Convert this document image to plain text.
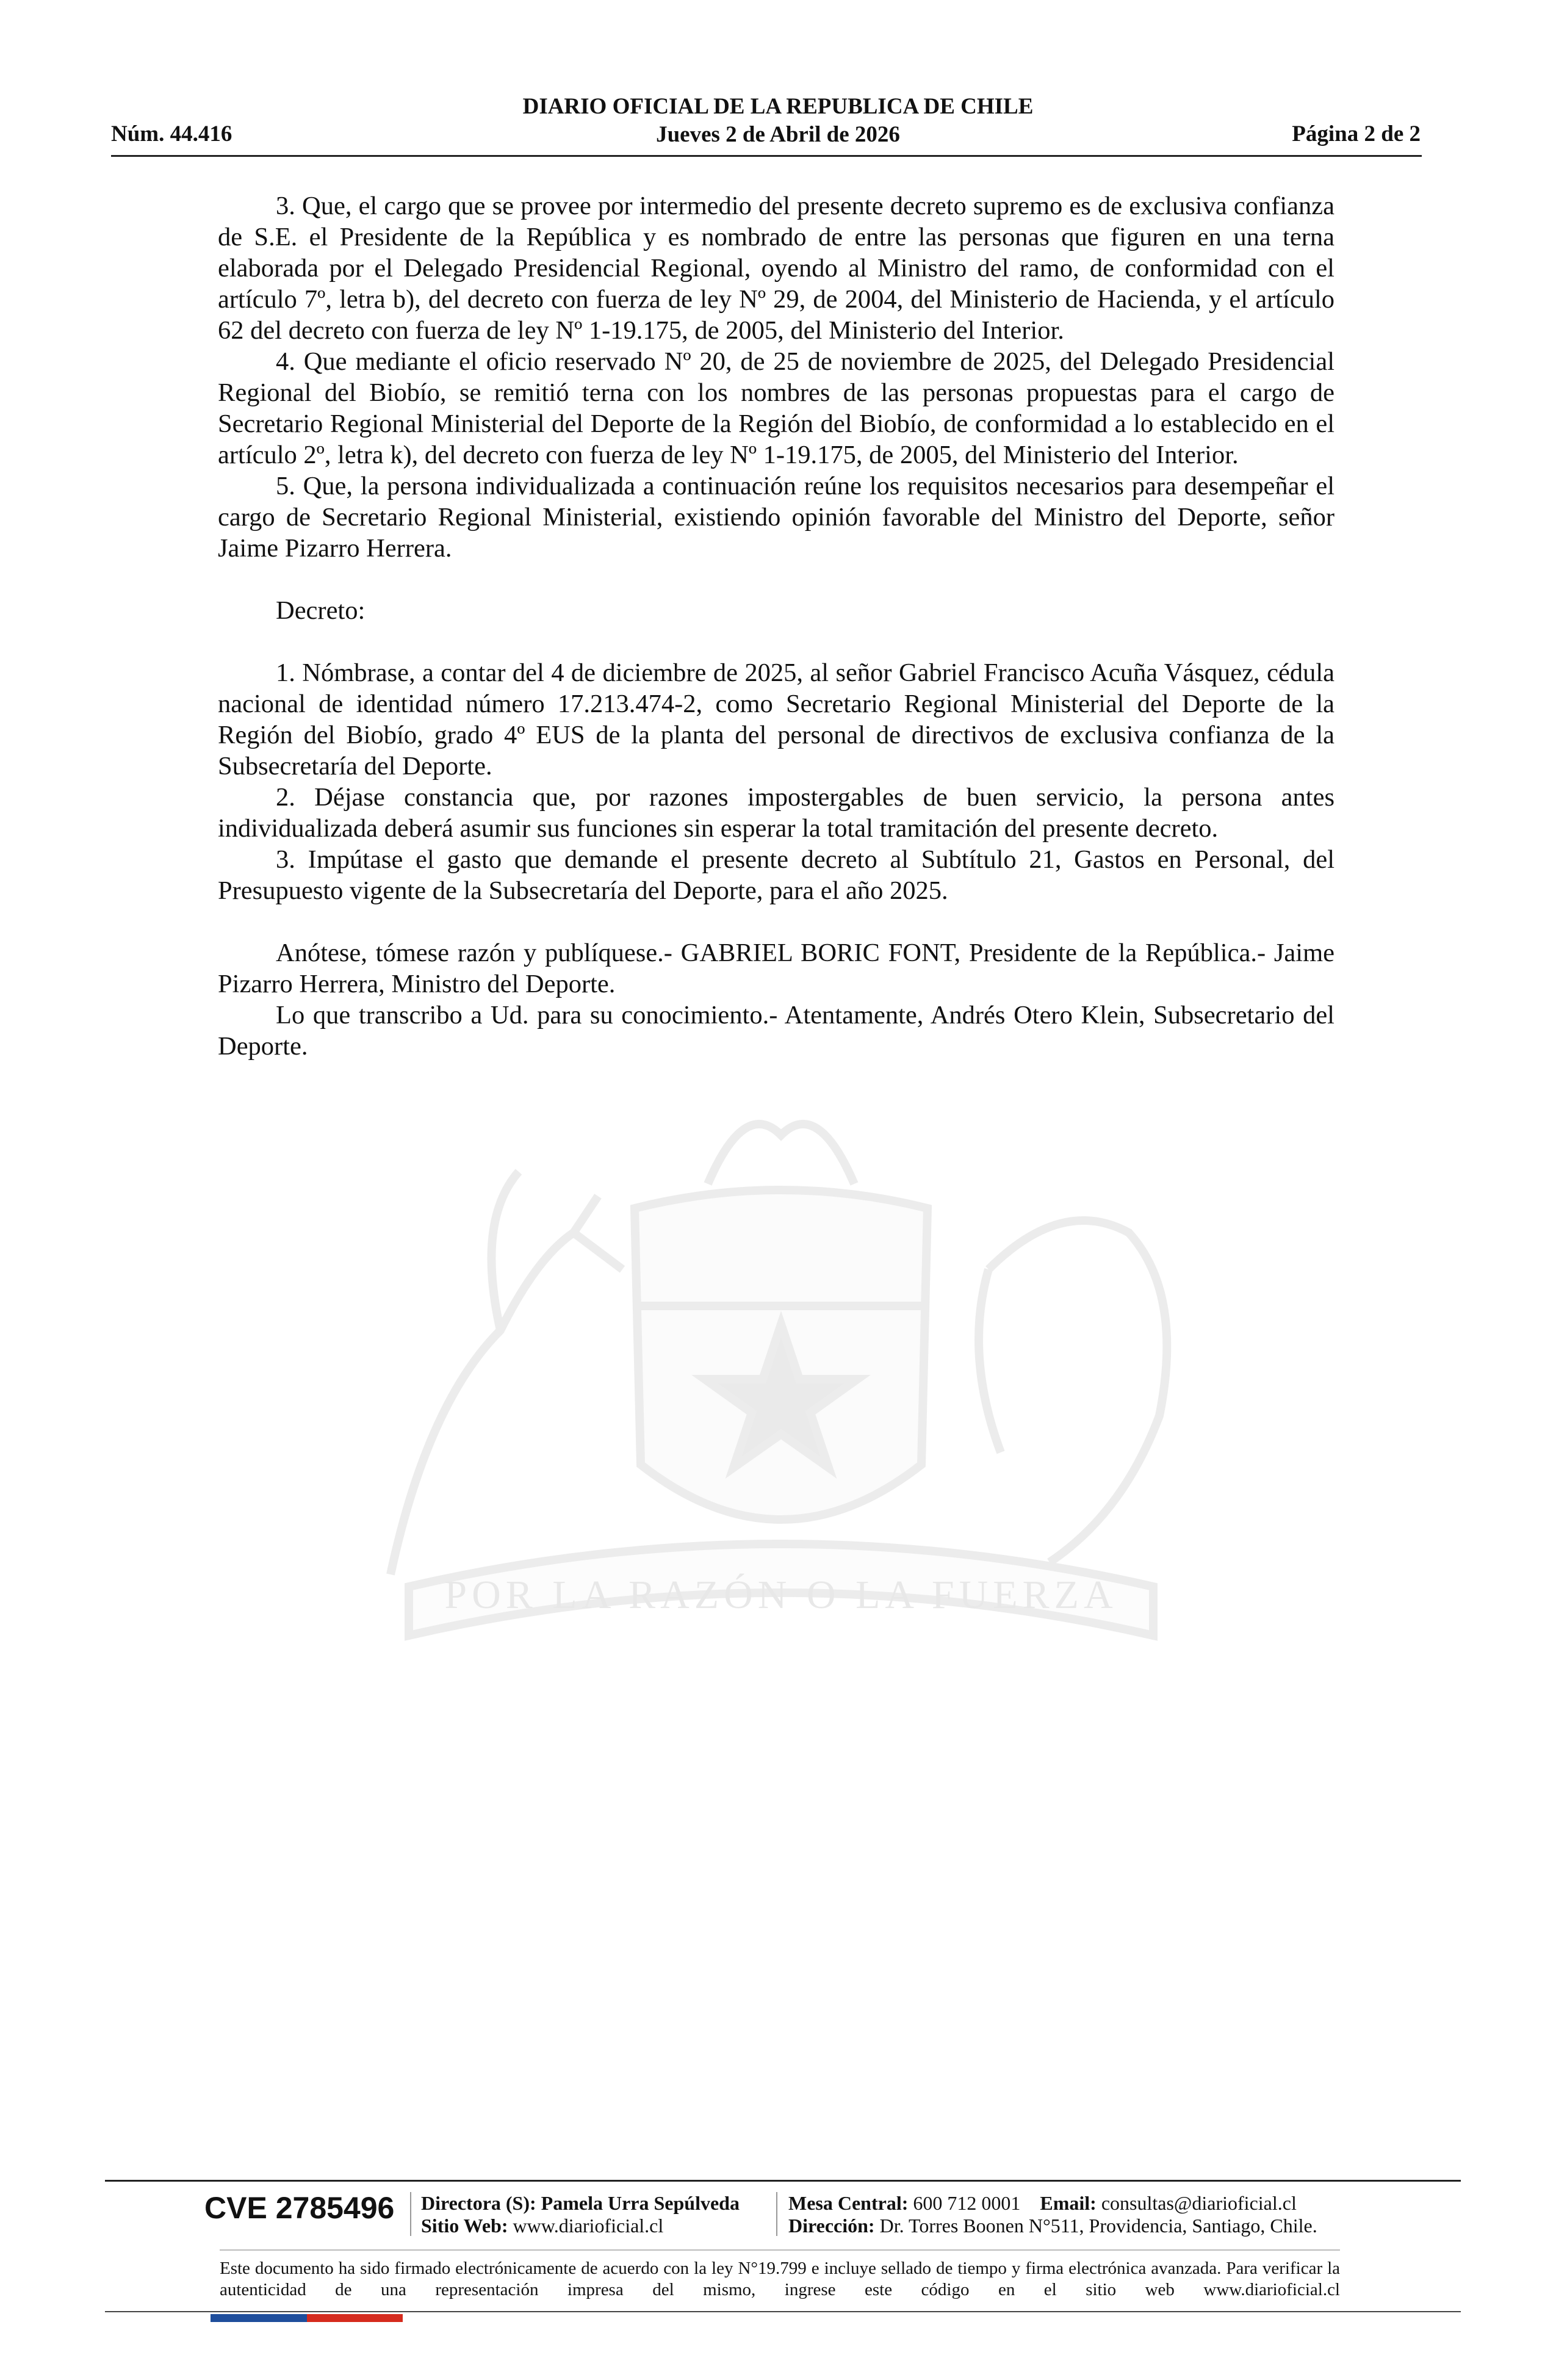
DIARIO OFICIAL DE LA REPUBLICA DE CHILE
Jueves 2 de Abril de 2026
Núm. 44.416	Página 2 de 2
POR LA RAZÓN O LA FUERZA

3. Que, el cargo que se provee por intermedio del presente decreto supremo es de exclusiva confianza de S.E. el Presidente de la República y es nombrado de entre las personas que figuren en una terna elaborada por el Delegado Presidencial Regional, oyendo al Ministro del ramo, de conformidad con el artículo 7º, letra b), del decreto con fuerza de ley Nº 29, de 2004, del Ministerio de Hacienda, y el artículo 62 del decreto con fuerza de ley Nº 1-19.175, de 2005, del Ministerio del Interior.

4. Que mediante el oficio reservado Nº 20, de 25 de noviembre de 2025, del Delegado Presidencial Regional del Biobío, se remitió terna con los nombres de las personas propuestas para el cargo de Secretario Regional Ministerial del Deporte de la Región del Biobío, de conformidad a lo establecido en el artículo 2º, letra k), del decreto con fuerza de ley Nº 1-19.175, de 2005, del Ministerio del Interior.

5. Que, la persona individualizada a continuación reúne los requisitos necesarios para desempeñar el cargo de Secretario Regional Ministerial, existiendo opinión favorable del Ministro del Deporte, señor Jaime Pizarro Herrera.

Decreto:

1. Nómbrase, a contar del 4 de diciembre de 2025, al señor Gabriel Francisco Acuña Vásquez, cédula nacional de identidad número 17.213.474-2, como Secretario Regional Ministerial del Deporte de la Región del Biobío, grado 4º EUS de la planta del personal de directivos de exclusiva confianza de la Subsecretaría del Deporte.

2. Déjase constancia que, por razones impostergables de buen servicio, la persona antes individualizada deberá asumir sus funciones sin esperar la total tramitación del presente decreto.

3. Impútase el gasto que demande el presente decreto al Subtítulo 21, Gastos en Personal, del Presupuesto vigente de la Subsecretaría del Deporte, para el año 2025.

Anótese, tómese razón y publíquese.- GABRIEL BORIC FONT, Presidente de la República.- Jaime Pizarro Herrera, Ministro del Deporte.

Lo que transcribo a Ud. para su conocimiento.- Atentamente, Andrés Otero Klein, Subsecretario del Deporte.

CVE 2785496 Directora (S): Pamela Urra Sepúlveda
Sitio Web: www.diarioficial.cl
Mesa Central: 600 712 0001 Email: consultas@diarioficial.cl
Dirección: Dr. Torres Boonen N°511, Providencia, Santiago, Chile.
Este documento ha sido firmado electrónicamente de acuerdo con la ley N°19.799 e incluye sellado de tiempo y firma electrónica avanzada. Para verificar la autenticidad de una representación impresa del mismo, ingrese este código en el sitio web www.diarioficial.cl
